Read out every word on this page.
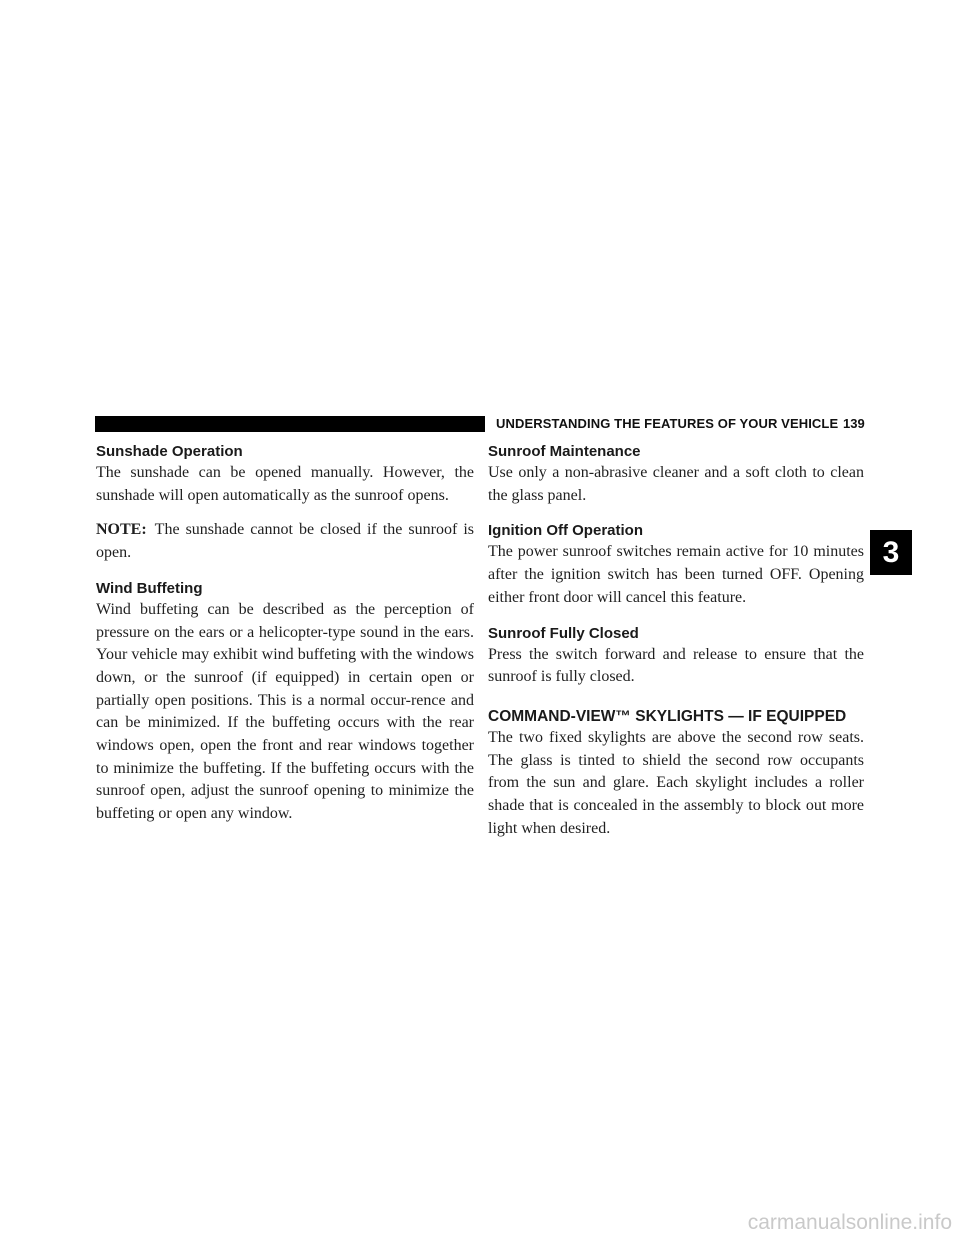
UNDERSTANDING THE FEATURES OF YOUR VEHICLE 139
Sunshade Operation

The sunshade can be opened manually. However, the sunshade will open automatically as the sunroof opens.

NOTE: The sunshade cannot be closed if the sunroof is open.

Wind Buffeting

Wind buffeting can be described as the perception of pressure on the ears or a helicopter-type sound in the ears. Your vehicle may exhibit wind buffeting with the windows down, or the sunroof (if equipped) in certain open or partially open positions. This is a normal occur-rence and can be minimized. If the buffeting occurs with the rear windows open, open the front and rear windows together to minimize the buffeting. If the buffeting occurs with the sunroof open, adjust the sunroof opening to minimize the buffeting or open any window.

Sunroof Maintenance

Use only a non-abrasive cleaner and a soft cloth to clean the glass panel.

Ignition Off Operation

The power sunroof switches remain active for 10 minutes after the ignition switch has been turned OFF. Opening either front door will cancel this feature.

Sunroof Fully Closed

Press the switch forward and release to ensure that the sunroof is fully closed.

COMMAND-VIEW™ SKYLIGHTS — IF EQUIPPED

The two fixed skylights are above the second row seats. The glass is tinted to shield the second row occupants from the sun and glare. Each skylight includes a roller shade that is concealed in the assembly to block out more light when desired.

3
carmanualsonline.info
